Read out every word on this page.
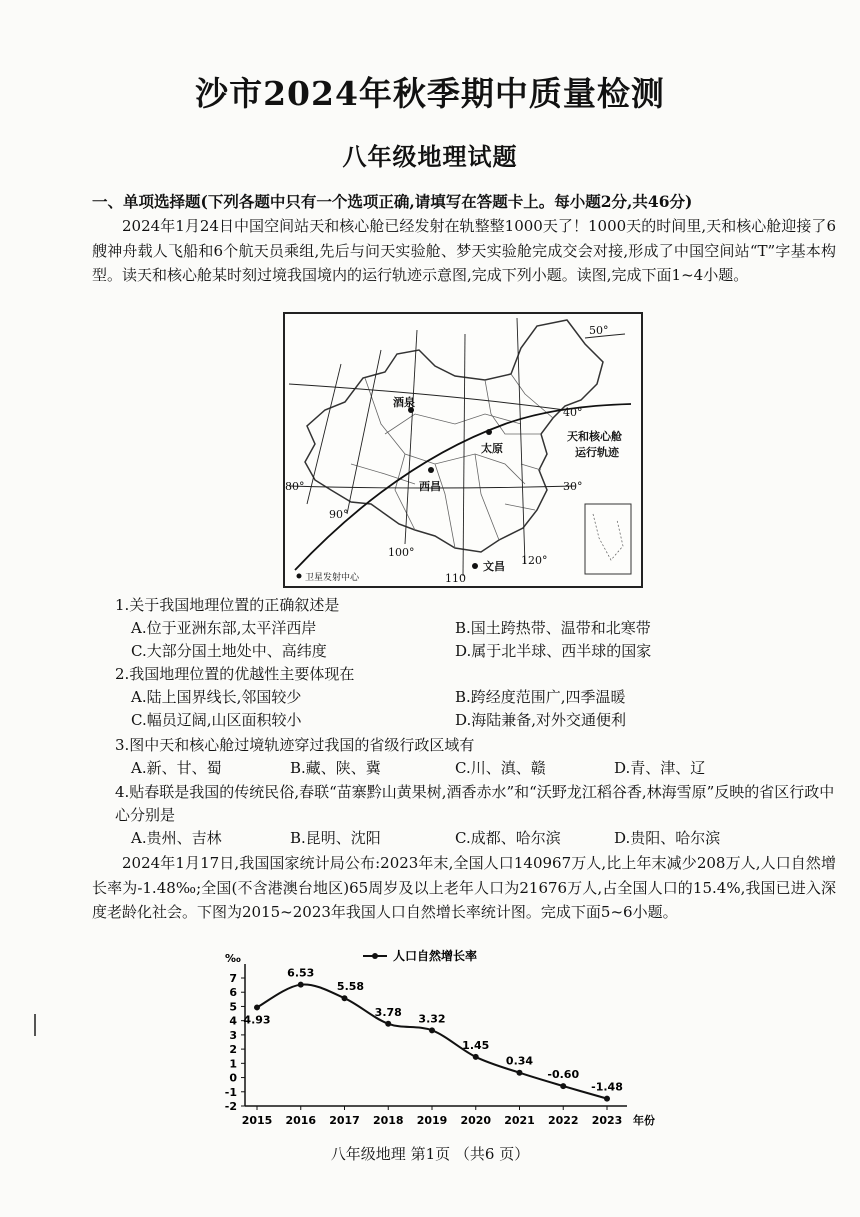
沙市2024年秋季期中质量检测
八年级地理试题
一、单项选择题(下列各题中只有一个选项正确,请填写在答题卡上。每小题2分,共46分)
2024年1月24日中国空间站天和核心舱已经发射在轨整整1000天了！1000天的时间里,天和核心舱迎接了6艘神舟载人飞船和6个航天员乘组,先后与问天实验舱、梦天实验舱完成交会对接,形成了中国空间站“T”字基本构型。读天和核心舱某时刻过境我国境内的运行轨迹示意图,完成下列小题。读图,完成下面1~4小题。
50°
40°
30°
80°
90°
100°
110
120°
酒泉
太原
西昌
文昌
天和核心舱
运行轨迹
卫星发射中心
1.关于我国地理位置的正确叙述是
A.位于亚洲东部,太平洋西岸	B.国土跨热带、温带和北寒带
C.大部分国土地处中、高纬度	D.属于北半球、西半球的国家
2.我国地理位置的优越性主要体现在
A.陆上国界线长,邻国较少	B.跨经度范围广,四季温暖
C.幅员辽阔,山区面积较小	D.海陆兼备,对外交通便利
3.图中天和核心舱过境轨迹穿过我国的省级行政区域有
A.新、甘、蜀	B.藏、陕、冀	C.川、滇、赣	D.青、津、辽
4.贴春联是我国的传统民俗,春联“苗寨黔山黄果树,酒香赤水”和“沃野龙江稻谷香,林海雪原”反映的省区行政中心分别是
A.贵州、吉林	B.昆明、沈阳	C.成都、哈尔滨	D.贵阳、哈尔滨
2024年1月17日,我国国家统计局公布:2023年末,全国人口140967万人,比上年末减少208万人,人口自然增长率为-1.48‰;全国(不含港澳台地区)65周岁及以上老年人口为21676万人,占全国人口的15.4%,我国已进入深度老龄化社会。下图为2015~2023年我国人口自然增长率统计图。完成下面5~6小题。
7
6
5
4
3
2
1
0
-1
-2
‰
2015 2016 2017 2018 2019 2020 2021 2022 2023 年份
4.93
6.53
5.58
3.78
3.32
1.45
0.34
-0.60
-1.48
人口自然增长率
八年级地理 第1页 （共6 页）
